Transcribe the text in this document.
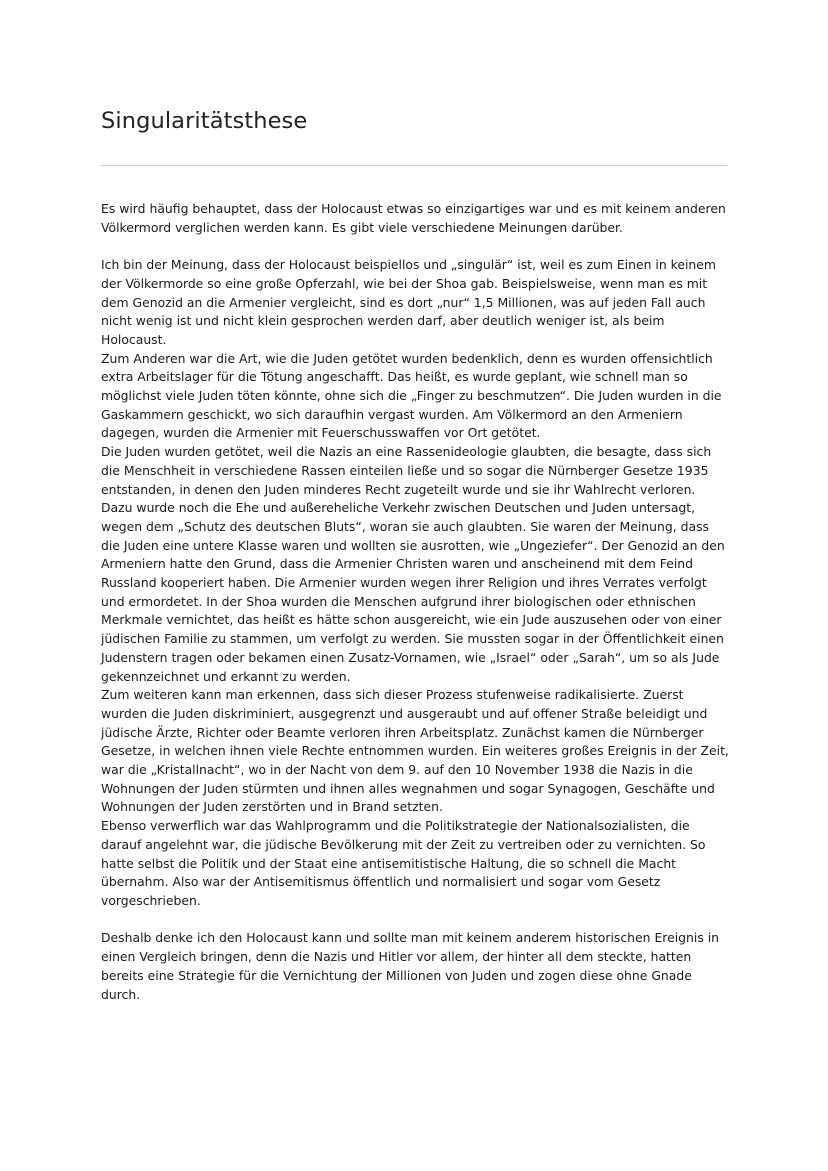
Singularitätsthese

Es wird häufig behauptet, dass der Holocaust etwas so einzigartiges war und es mit keinem anderen Völkermord verglichen werden kann. Es gibt viele verschiedene Meinungen darüber.

Ich bin der Meinung, dass der Holocaust beispiellos und „singulär“ ist, weil es zum Einen in keinem der Völkermorde so eine große Opferzahl, wie bei der Shoa gab. Beispielsweise, wenn man es mit dem Genozid an die Armenier vergleicht, sind es dort „nur“ 1,5 Millionen, was auf jeden Fall auch nicht wenig ist und nicht klein gesprochen werden darf, aber deutlich weniger ist, als beim Holocaust.

Zum Anderen war die Art, wie die Juden getötet wurden bedenklich, denn es wurden offensichtlich extra Arbeitslager für die Tötung angeschafft. Das heißt, es wurde geplant, wie schnell man so möglichst viele Juden töten könnte, ohne sich die „Finger zu beschmutzen“. Die Juden wurden in die Gaskammern geschickt, wo sich daraufhin vergast wurden. Am Völkermord an den Armeniern dagegen, wurden die Armenier mit Feuerschusswaffen vor Ort getötet.

Die Juden wurden getötet, weil die Nazis an eine Rassenideologie glaubten, die besagte, dass sich die Menschheit in verschiedene Rassen einteilen ließe und so sogar die Nürnberger Gesetze 1935 entstanden, in denen den Juden minderes Recht zugeteilt wurde und sie ihr Wahlrecht verloren. Dazu wurde noch die Ehe und außereheliche Verkehr zwischen Deutschen und Juden untersagt, wegen dem „Schutz des deutschen Bluts“, woran sie auch glaubten. Sie waren der Meinung, dass die Juden eine untere Klasse waren und wollten sie ausrotten, wie „Ungeziefer“. Der Genozid an den Armeniern hatte den Grund, dass die Armenier Christen waren und anscheinend mit dem Feind Russland kooperiert haben. Die Armenier wurden wegen ihrer Religion und ihres Verrates verfolgt und ermordetet. In der Shoa wurden die Menschen aufgrund ihrer biologischen oder ethnischen Merkmale vernichtet, das heißt es hätte schon ausgereicht, wie ein Jude auszusehen oder von einer jüdischen Familie zu stammen, um verfolgt zu werden. Sie mussten sogar in der Öffentlichkeit einen Judenstern tragen oder bekamen einen Zusatz-Vornamen, wie „Israel“ oder „Sarah“, um so als Jude gekennzeichnet und erkannt zu werden.

Zum weiteren kann man erkennen, dass sich dieser Prozess stufenweise radikalisierte. Zuerst wurden die Juden diskriminiert, ausgegrenzt und ausgeraubt und auf offener Straße beleidigt und jüdische Ärzte, Richter oder Beamte verloren ihren Arbeitsplatz. Zunächst kamen die Nürnberger Gesetze, in welchen ihnen viele Rechte entnommen wurden. Ein weiteres großes Ereignis in der Zeit, war die „Kristallnacht“, wo in der Nacht von dem 9. auf den 10 November 1938 die Nazis in die Wohnungen der Juden stürmten und ihnen alles wegnahmen und sogar Synagogen, Geschäfte und Wohnungen der Juden zerstörten und in Brand setzten.

Ebenso verwerflich war das Wahlprogramm und die Politikstrategie der Nationalsozialisten, die darauf angelehnt war, die jüdische Bevölkerung mit der Zeit zu vertreiben oder zu vernichten. So hatte selbst die Politik und der Staat eine antisemitistische Haltung, die so schnell die Macht übernahm. Also war der Antisemitismus öffentlich und normalisiert und sogar vom Gesetz vorgeschrieben.

Deshalb denke ich den Holocaust kann und sollte man mit keinem anderem historischen Ereignis in einen Vergleich bringen, denn die Nazis und Hitler vor allem, der hinter all dem steckte, hatten bereits eine Strategie für die Vernichtung der Millionen von Juden und zogen diese ohne Gnade durch.
